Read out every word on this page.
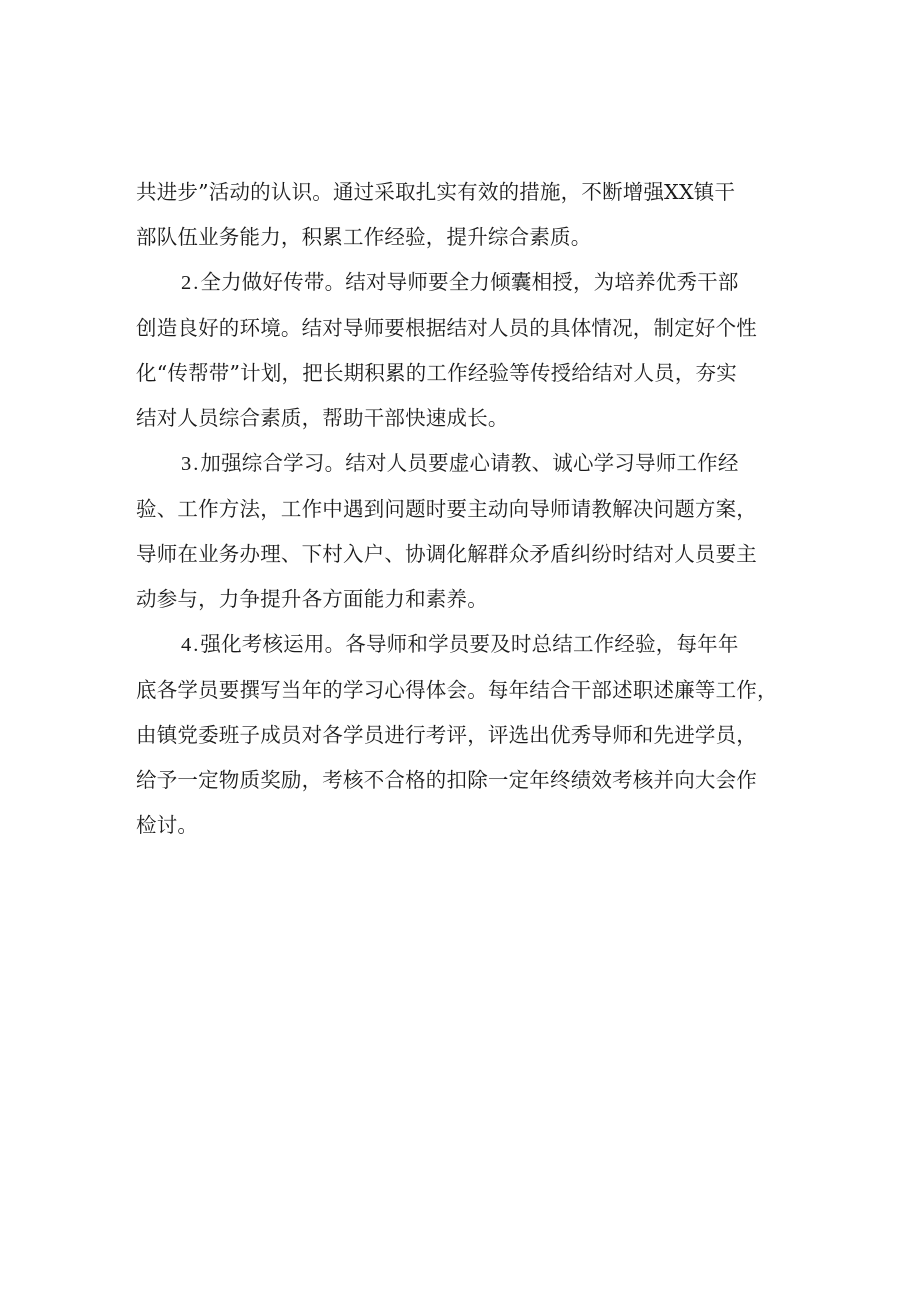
共进步”活动的认识。通过采取扎实有效的措施，不断增强XX镇干
部队伍业务能力，积累工作经验，提升综合素质。

2.全力做好传带。结对导师要全力倾囊相授，为培养优秀干部
创造良好的环境。结对导师要根据结对人员的具体情况，制定好个性
化“传帮带”计划，把长期积累的工作经验等传授给结对人员，夯实
结对人员综合素质，帮助干部快速成长。

3.加强综合学习。结对人员要虚心请教、诚心学习导师工作经
验、工作方法，工作中遇到问题时要主动向导师请教解决问题方案，
导师在业务办理、下村入户、协调化解群众矛盾纠纷时结对人员要主
动参与，力争提升各方面能力和素养。

4.强化考核运用。各导师和学员要及时总结工作经验，每年年
底各学员要撰写当年的学习心得体会。每年结合干部述职述廉等工作，
由镇党委班子成员对各学员进行考评，评选出优秀导师和先进学员，
给予一定物质奖励，考核不合格的扣除一定年终绩效考核并向大会作
检讨。
